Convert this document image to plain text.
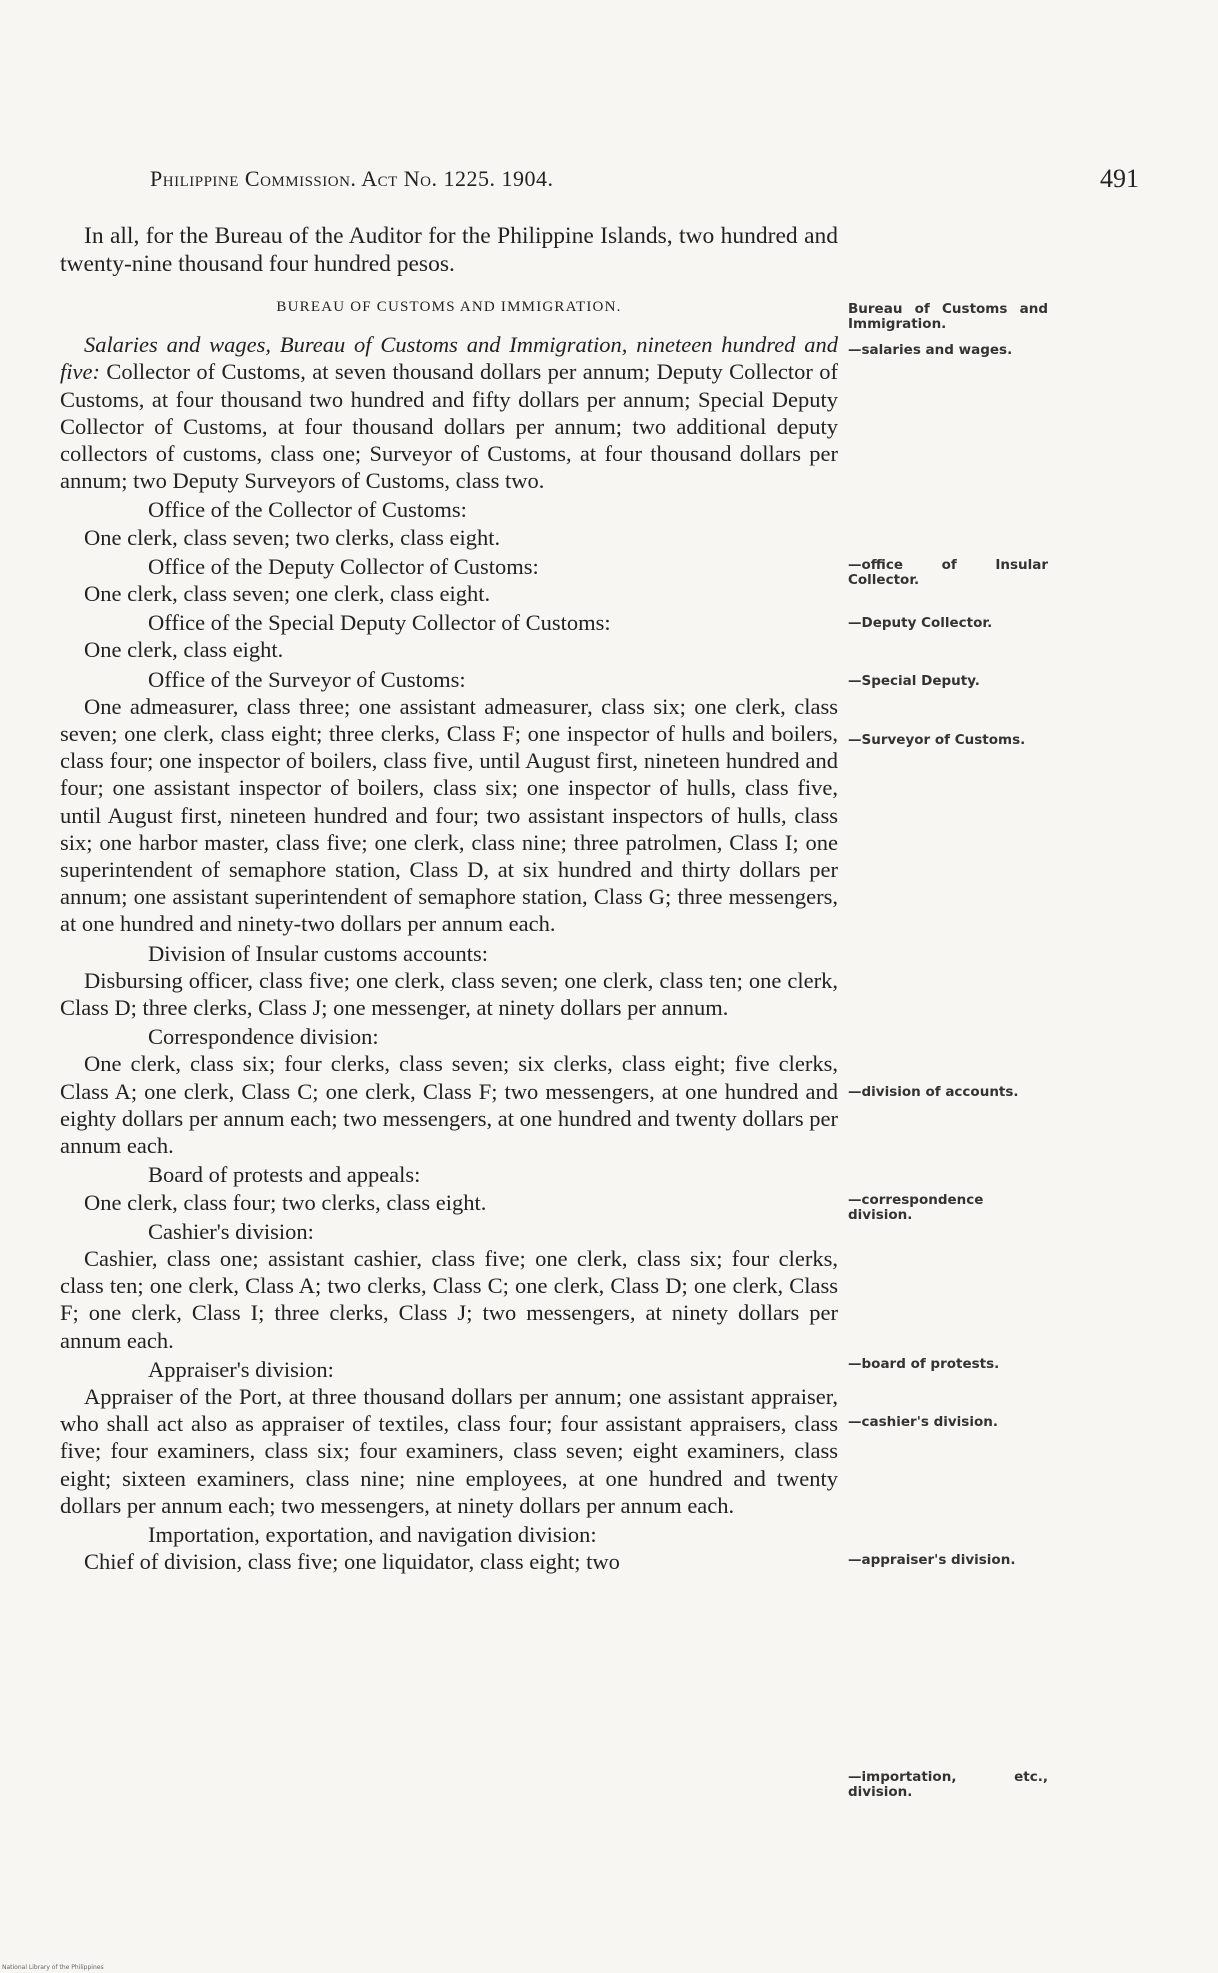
Philippine Commission. Act No. 1225. 1904.	491

In all, for the Bureau of the Auditor for the Philippine Islands, two hundred and twenty-nine thousand four hundred pesos.

BUREAU OF CUSTOMS AND IMMIGRATION.

Salaries and wages, Bureau of Customs and Immigration, nineteen hundred and five: Collector of Customs, at seven thousand dollars per annum; Deputy Collector of Customs, at four thousand two hundred and fifty dollars per annum; Special Deputy Collector of Customs, at four thousand dollars per annum; two additional deputy collectors of customs, class one; Surveyor of Customs, at four thousand dollars per annum; two Deputy Surveyors of Customs, class two.

Office of the Collector of Customs:

One clerk, class seven; two clerks, class eight.

Office of the Deputy Collector of Customs:

One clerk, class seven; one clerk, class eight.

Office of the Special Deputy Collector of Customs:

One clerk, class eight.

Office of the Surveyor of Customs:

One admeasurer, class three; one assistant admeasurer, class six; one clerk, class seven; one clerk, class eight; three clerks, Class F; one inspector of hulls and boilers, class four; one inspector of boilers, class five, until August first, nineteen hundred and four; one assistant inspector of boilers, class six; one inspector of hulls, class five, until August first, nineteen hundred and four; two assistant inspectors of hulls, class six; one harbor master, class five; one clerk, class nine; three patrolmen, Class I; one superintendent of semaphore station, Class D, at six hundred and thirty dollars per annum; one assistant superintendent of semaphore station, Class G; three messengers, at one hundred and ninety-two dollars per annum each.

Division of Insular customs accounts:

Disbursing officer, class five; one clerk, class seven; one clerk, class ten; one clerk, Class D; three clerks, Class J; one messenger, at ninety dollars per annum.

Correspondence division:

One clerk, class six; four clerks, class seven; six clerks, class eight; five clerks, Class A; one clerk, Class C; one clerk, Class F; two messengers, at one hundred and eighty dollars per annum each; two messengers, at one hundred and twenty dollars per annum each.

Board of protests and appeals:

One clerk, class four; two clerks, class eight.

Cashier's division:

Cashier, class one; assistant cashier, class five; one clerk, class six; four clerks, class ten; one clerk, Class A; two clerks, Class C; one clerk, Class D; one clerk, Class F; one clerk, Class I; three clerks, Class J; two messengers, at ninety dollars per annum each.

Appraiser's division:

Appraiser of the Port, at three thousand dollars per annum; one assistant appraiser, who shall act also as appraiser of textiles, class four; four assistant appraisers, class five; four examiners, class six; four examiners, class seven; eight examiners, class eight; sixteen examiners, class nine; nine employees, at one hundred and twenty dollars per annum each; two messengers, at ninety dollars per annum each.

Importation, exportation, and navigation division:

Chief of division, class five; one liquidator, class eight; two

Bureau of Customs and Immigration.
—salaries and wages.
—office of Insular Collector.
—Deputy Collector.
—Special Deputy.
—Surveyor of Customs.
—division of accounts.
—correspondence division.
—board of protests.
—cashier's division.
—appraiser's division.
—importation, etc., division.
National Library of the Philippines
